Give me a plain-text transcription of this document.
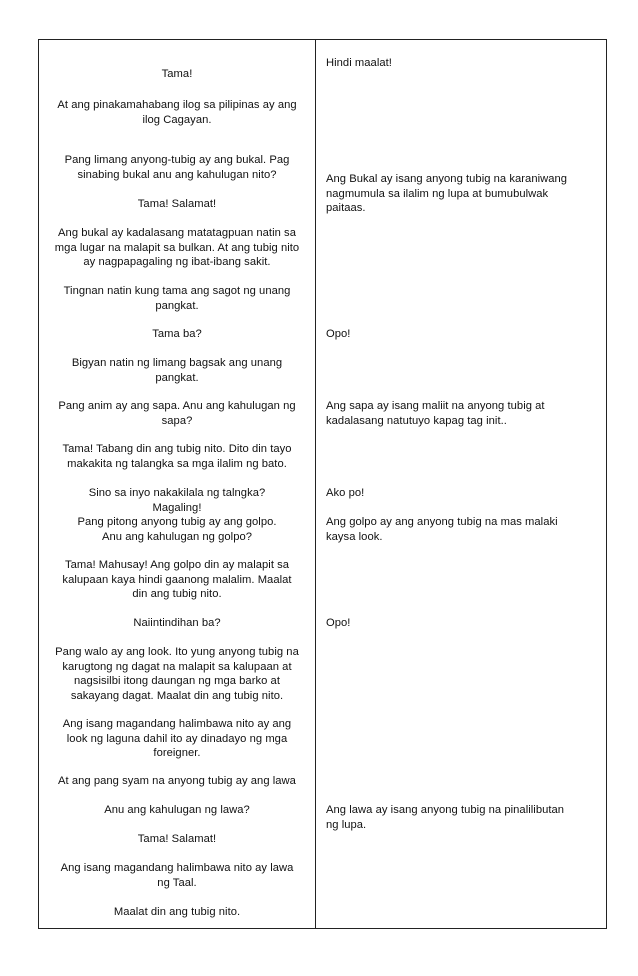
Tama!
At ang pinakamahabang ilog sa pilipinas ay ang
ilog Cagayan.
Pang limang anyong-tubig ay ang bukal. Pag
sinabing bukal anu ang kahulugan nito?
Tama! Salamat!
Ang bukal ay kadalasang matatagpuan natin sa
mga lugar na malapit sa bulkan. At ang tubig nito
ay nagpapagaling ng ibat-ibang sakit.
Tingnan natin kung tama ang sagot ng unang
pangkat.
Tama ba?
Bigyan natin ng limang bagsak ang unang
pangkat.
Pang anim ay ang sapa. Anu ang kahulugan ng
sapa?
Tama! Tabang din ang tubig nito. Dito din tayo
makakita ng talangka sa mga ilalim ng bato.
Sino sa inyo nakakilala ng talngka?
Magaling!
Pang pitong anyong tubig ay ang golpo.
Anu ang kahulugan ng golpo?
Tama! Mahusay! Ang golpo din ay malapit sa
kalupaan kaya hindi gaanong malalim. Maalat
din ang tubig nito.
Naiintindihan ba?
Pang walo ay ang look. Ito yung anyong tubig na
karugtong ng dagat na malapit sa kalupaan at
nagsisilbi itong daungan ng mga barko at
sakayang dagat. Maalat din ang tubig nito.
Ang isang magandang halimbawa nito ay ang
look ng laguna dahil ito ay dinadayo ng mga
foreigner.
At ang pang syam na anyong tubig ay ang lawa
Anu ang kahulugan ng lawa?
Tama! Salamat!
Ang isang magandang halimbawa nito ay lawa
ng Taal.
Maalat din ang tubig nito.
Hindi maalat!
Ang Bukal ay isang anyong tubig na karaniwang
nagmumula sa ilalim ng lupa at bumubulwak
paitaas.
Opo!
Ang sapa ay isang maliit na anyong tubig at
kadalasang natutuyo kapag tag init..
Ako po!
Ang golpo ay ang anyong tubig na mas malaki
kaysa look.
Opo!
Ang lawa ay isang anyong tubig na pinalilibutan
ng lupa.
